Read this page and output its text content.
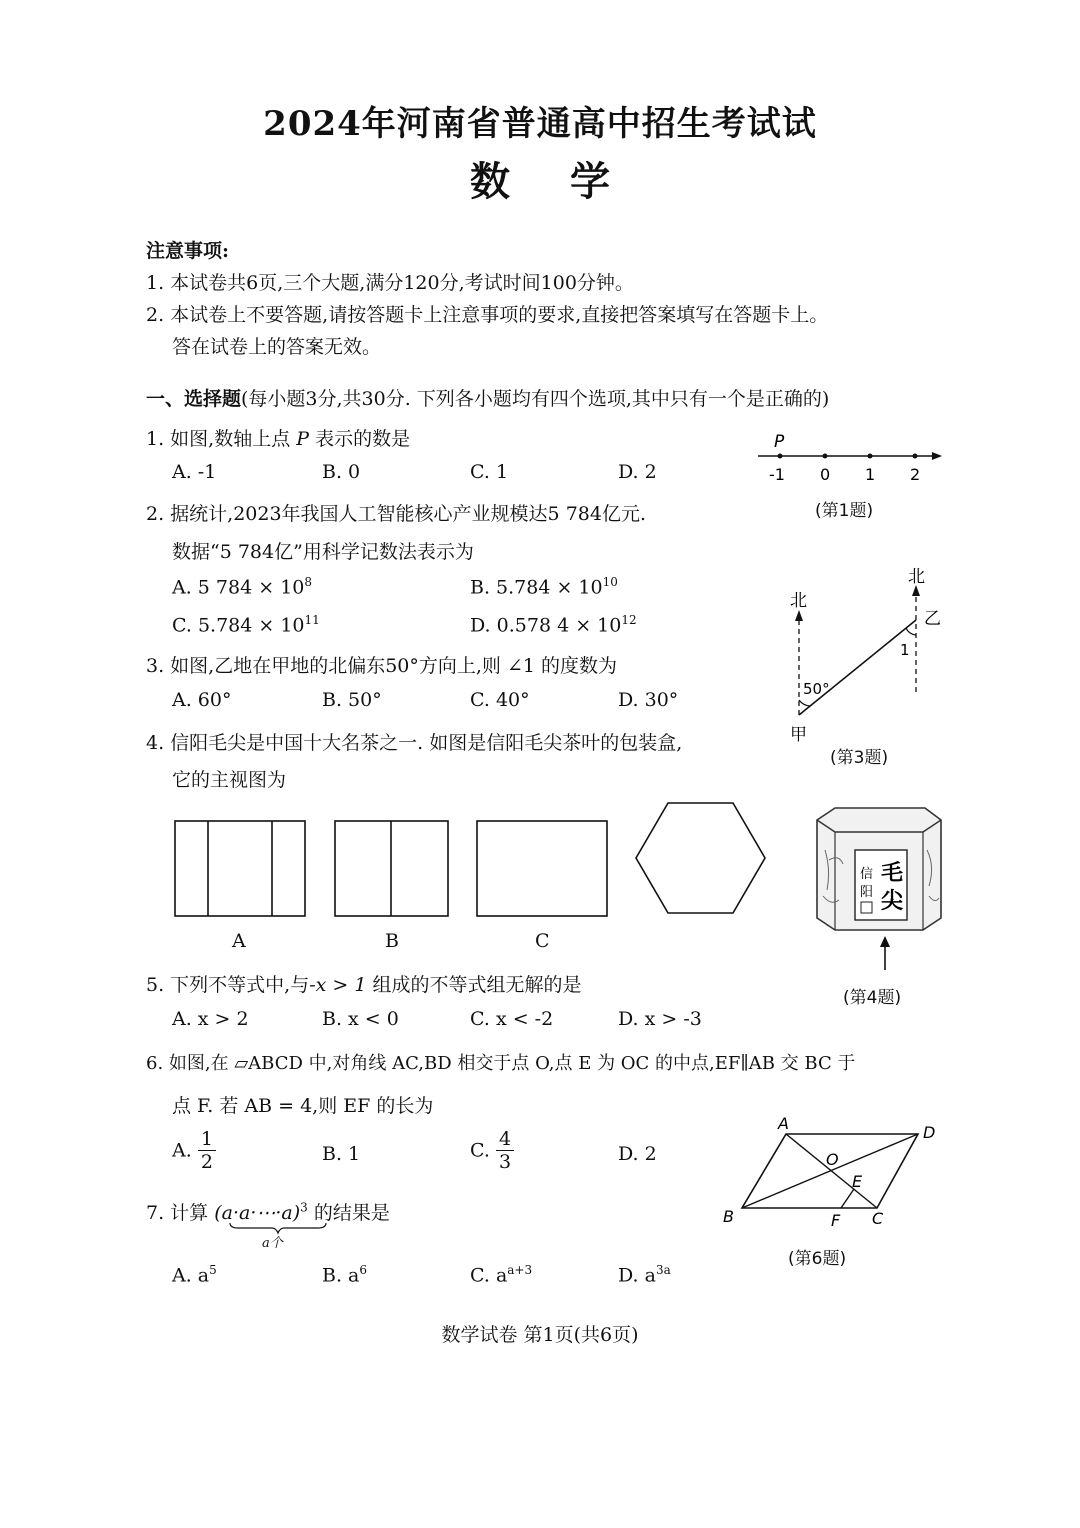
2024年河南省普通高中招生考试试
数学
注意事项:
1. 本试卷共6页,三个大题,满分120分,考试时间100分钟。
2. 本试卷上不要答题,请按答题卡上注意事项的要求,直接把答案填写在答题卡上。
答在试卷上的答案无效。
一、选择题(每小题3分,共30分. 下列各小题均有四个选项,其中只有一个是正确的)
1. 如图,数轴上点 P 表示的数是
A. -1	B. 0	C. 1	D. 2
P
-1 0 1 2
(第1题)
2. 据统计,2023年我国人工智能核心产业规模达5 784亿元.
数据“5 784亿”用科学记数法表示为
A. 5 $784 \times 10^8$	B. $5.784 \times 10^{10}$
C. $5.784 \times 10^{11}$	D. 0.578 $4 \times 10^{12}$
北
北
乙
甲
50°
1
(第3题)
3. 如图,乙地在甲地的北偏东50°方向上,则 ∠1 的度数为
A. 60°	B. 50°	C. 40°	D. 30°
4. 信阳毛尖是中国十大名茶之一. 如图是信阳毛尖茶叶的包装盒,
它的主视图为
A	B	C
毛
尖
信
阳
(第4题)
5. 下列不等式中,与-x > 1 组成的不等式组无解的是
A. x > 2	B. x < 0	C. x < -2	D. x > -3
6. 如图,在 ▱ABCD 中,对角线 AC,BD 相交于点 O,点 E 为 OC 的中点,EF∥AB 交 BC 于
点 F. 若 AB = 4,则 EF 的长为
A. $\frac{1}{2}$	B. 1	C. $\frac{4}{3}$	D. 2
A	D
B	C
O
E
F
(第6题)
7. 计算 (a·a·⋯·a)$^3$ 的结果是
a个
A. $a^5$	B. $a^6$	C. $a^{a+3}$	D. $a^{3a}$
数学试卷 第1页(共6页)
